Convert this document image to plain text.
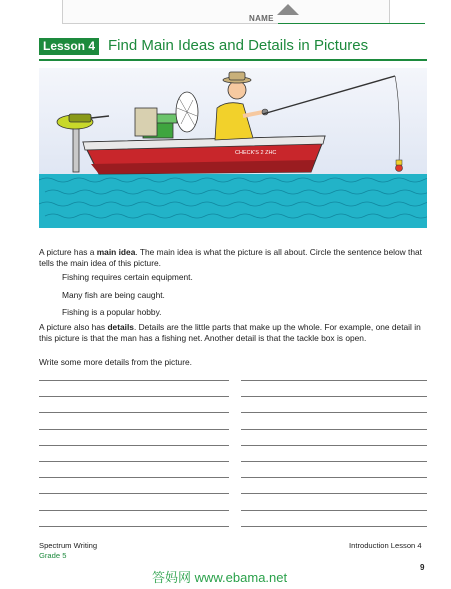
NAME
Lesson 4 Find Main Ideas and Details in Pictures
CHECK'S 2 ZHC
A picture has a main idea. The main idea is what the picture is all about. Circle the sentence below that tells the main idea of this picture.
Fishing requires certain equipment.
Many fish are being caught.
Fishing is a popular hobby.
A picture also has details. Details are the little parts that make up the whole. For example, one detail in this picture is that the man has a fishing net. Another detail is that the tackle box is open.
Write some more details from the picture.
Spectrum Writing
Grade 5
Introduction Lesson 4
答妈网 www.ebama.net
9
